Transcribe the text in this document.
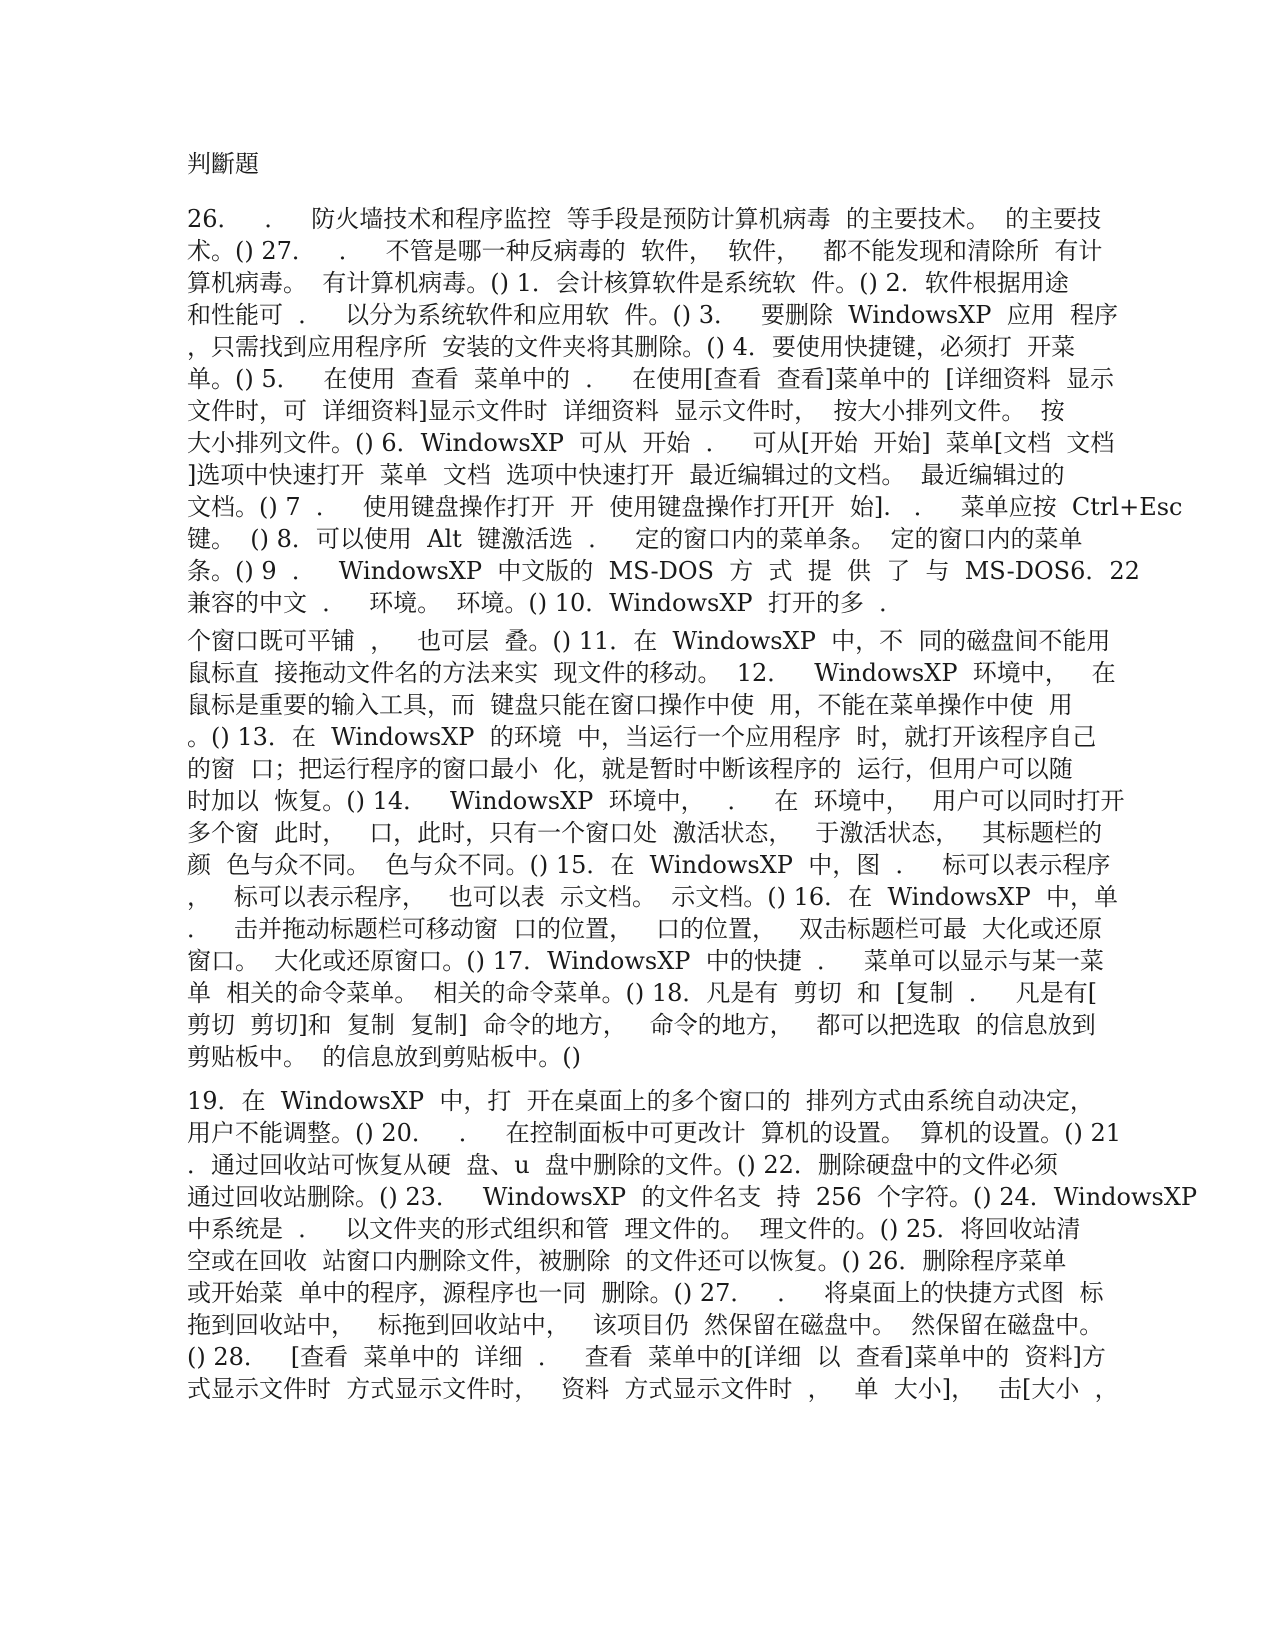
判斷題
26．   ．   防火墙技术和程序监控  等手段是预防计算机病毒  的主要技术。  的主要技
术。() 27．   ．   不管是哪一种反病毒的  软件，  软件，   都不能发现和清除所  有计
算机病毒。  有计算机病毒。() 1．会计核算软件是系统软  件。() 2．软件根据用途
和性能可  ．   以分为系统软件和应用软  件。() 3．   要删除  WindowsXP  应用  程序
，只需找到应用程序所  安装的文件夹将其删除。() 4．要使用快捷键，必须打  开菜
单。() 5．   在使用  查看  菜单中的  ．   在使用[查看  查看]菜单中的  [详细资料  显示
文件时，可  详细资料]显示文件时  详细资料  显示文件时，  按大小排列文件。  按
大小排列文件。() 6．WindowsXP  可从  开始  ．   可从[开始  开始]  菜单[文档  文档
]选项中快速打开  菜单  文档  选项中快速打开  最近编辑过的文档。  最近编辑过的
文档。() 7  ．   使用键盘操作打开  开  使用键盘操作打开[开  始].   ．   菜单应按  Ctrl+Esc
键。  () 8．可以使用  Alt  键激活选  ．   定的窗口内的菜单条。  定的窗口内的菜单
条。() 9  ．   WindowsXP  中文版的  MS-DOS  方  式  提  供  了  与  MS-DOS6．22
兼容的中文  ．   环境。  环境。() 10．WindowsXP  打开的多  ．
个窗口既可平铺  ，   也可层  叠。() 11．在  WindowsXP  中，不  同的磁盘间不能用
鼠标直  接拖动文件名的方法来实  现文件的移动。  12．   WindowsXP  环境中，   在
鼠标是重要的输入工具，而  键盘只能在窗口操作中使  用，不能在菜单操作中使  用
。() 13．在  WindowsXP  的环境  中，当运行一个应用程序  时，就打开该程序自己
的窗  口；把运行程序的窗口最小  化，就是暂时中断该程序的  运行，但用户可以随
时加以  恢复。() 14．   WindowsXP  环境中，   ．   在  环境中，   用户可以同时打开
多个窗  此时，   口，此时，只有一个窗口处  激活状态，   于激活状态，   其标题栏的
颜  色与众不同。  色与众不同。() 15．在  WindowsXP  中，图  ．   标可以表示程序
，   标可以表示程序，   也可以表  示文档。  示文档。() 16．在  WindowsXP  中，单
．   击并拖动标题栏可移动窗  口的位置，   口的位置，   双击标题栏可最  大化或还原
窗口。  大化或还原窗口。() 17．WindowsXP  中的快捷  ．   菜单可以显示与某一菜
单  相关的命令菜单。  相关的命令菜单。() 18．凡是有  剪切  和  [复制  ．   凡是有[
剪切  剪切]和  复制  复制]  命令的地方，   命令的地方，   都可以把选取  的信息放到
剪贴板中。  的信息放到剪贴板中。()
19．在  WindowsXP  中，打  开在桌面上的多个窗口的  排列方式由系统自动决定，
用户不能调整。() 20．   ．   在控制面板中可更改计  算机的设置。  算机的设置。() 21
．通过回收站可恢复从硬  盘、u  盘中删除的文件。() 22．删除硬盘中的文件必须
通过回收站删除。() 23．   WindowsXP  的文件名支  持  256  个字符。() 24．WindowsXP
中系统是  ．   以文件夹的形式组织和管  理文件的。  理文件的。() 25．将回收站清
空或在回收  站窗口内删除文件，被删除  的文件还可以恢复。() 26．删除程序菜单
或开始菜  单中的程序，源程序也一同  删除。() 27．   ．   将桌面上的快捷方式图  标
拖到回收站中，   标拖到回收站中，   该项目仍  然保留在磁盘中。  然保留在磁盘中。
() 28．   [查看  菜单中的  详细  ．   查看  菜单中的[详细  以  查看]菜单中的  资料]方
式显示文件时  方式显示文件时，   资料  方式显示文件时  ，   单  大小]，   击[大小  ，
